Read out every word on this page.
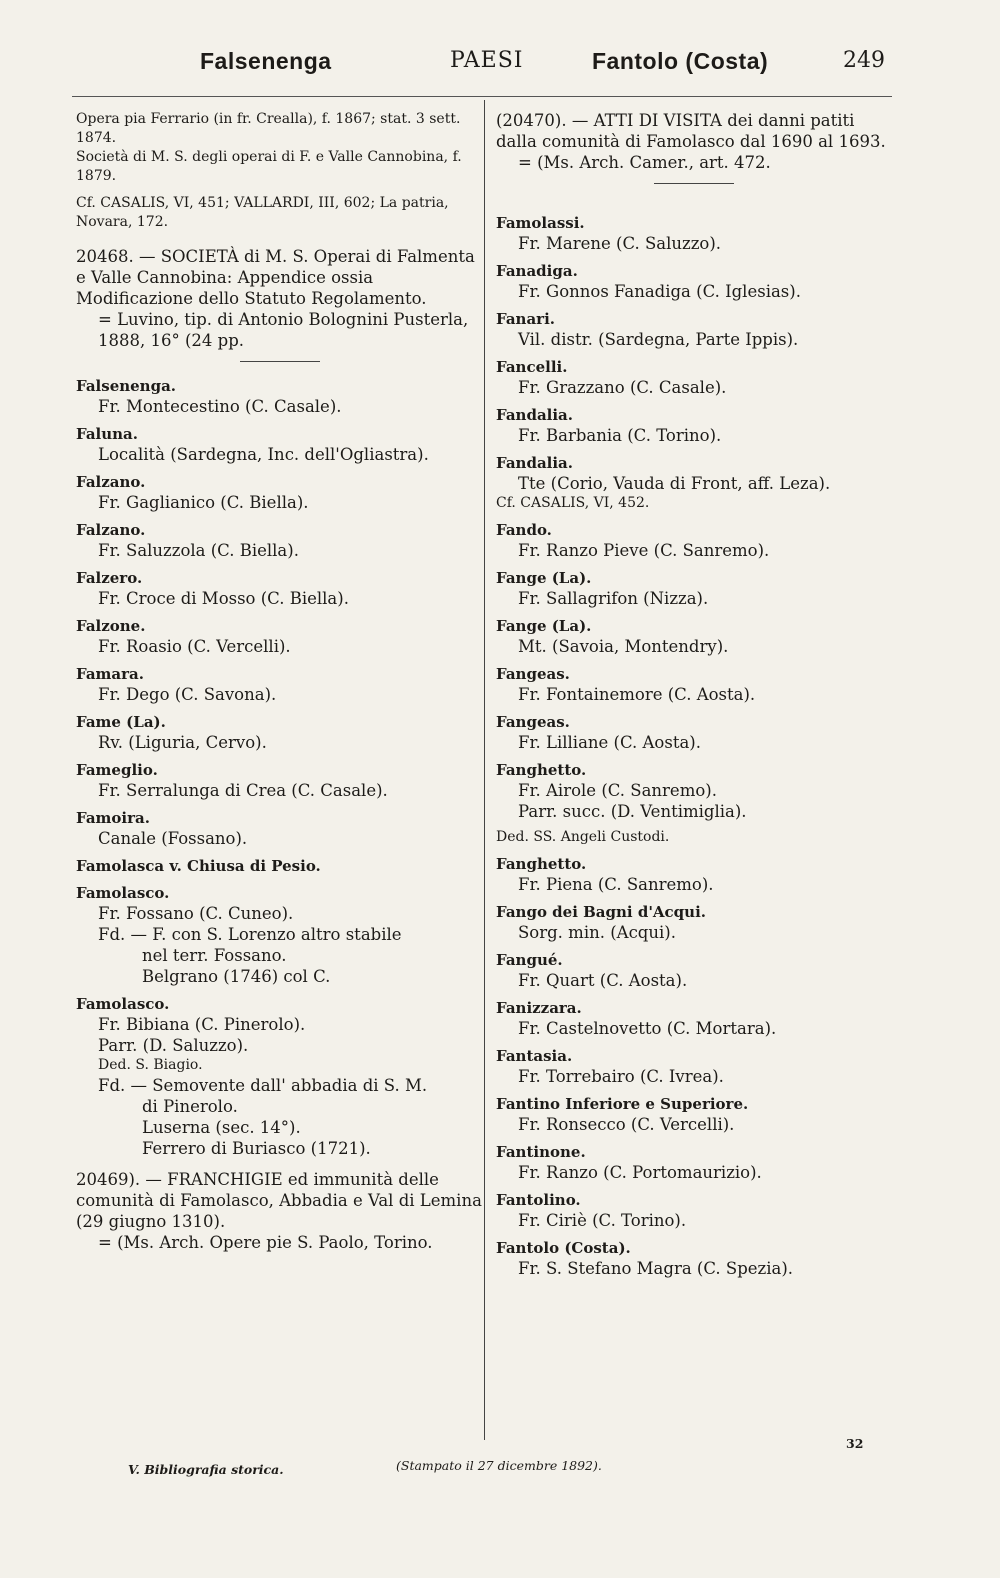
Falsenenga	PAESI	Fantolo (Costa)	249

Opera pia Ferrario (in fr. Crealla), f. 1867; stat. 3 sett. 1874.

Società di M. S. degli operai di F. e Valle Cannobina, f. 1879.

Cf. CASALIS, VI, 451; VALLARDI, III, 602; La patria, Novara, 172.

20468. — SOCIETÀ di M. S. Operai di Falmenta e Valle Cannobina: Appendice ossia Modificazione dello Statuto Regolamento.

= Luvino, tip. di Antonio Bolognini Pusterla, 1888, 16° (24 pp.

Falsenenga.

Fr. Montecestino (C. Casale).

Faluna.

Località (Sardegna, Inc. dell'Ogliastra).

Falzano.

Fr. Gaglianico (C. Biella).

Falzano.

Fr. Saluzzola (C. Biella).

Falzero.

Fr. Croce di Mosso (C. Biella).

Falzone.

Fr. Roasio (C. Vercelli).

Famara.

Fr. Dego (C. Savona).

Fame (La).

Rv. (Liguria, Cervo).

Fameglio.

Fr. Serralunga di Crea (C. Casale).

Famoira.

Canale (Fossano).

Famolasca v. Chiusa di Pesio.

Famolasco.

Fr. Fossano (C. Cuneo).

Fd. — F. con S. Lorenzo altro stabile

nel terr. Fossano.

Belgrano (1746) col C.

Famolasco.

Fr. Bibiana (C. Pinerolo).

Parr. (D. Saluzzo).

Ded. S. Biagio.

Fd. — Semovente dall' abbadia di S. M.

di Pinerolo.

Luserna (sec. 14°).

Ferrero di Buriasco (1721).

20469). — FRANCHIGIE ed immunità delle comunità di Famolasco, Abbadia e Val di Lemina (29 giugno 1310).

= (Ms. Arch. Opere pie S. Paolo, Torino.

(20470). — ATTI DI VISITA dei danni patiti dalla comunità di Famolasco dal 1690 al 1693.

= (Ms. Arch. Camer., art. 472.

Famolassi.

Fr. Marene (C. Saluzzo).

Fanadiga.

Fr. Gonnos Fanadiga (C. Iglesias).

Fanari.

Vil. distr. (Sardegna, Parte Ippis).

Fancelli.

Fr. Grazzano (C. Casale).

Fandalia.

Fr. Barbania (C. Torino).

Fandalia.

Tte (Corio, Vauda di Front, aff. Leza).

Cf. CASALIS, VI, 452.

Fando.

Fr. Ranzo Pieve (C. Sanremo).

Fange (La).

Fr. Sallagrifon (Nizza).

Fange (La).

Mt. (Savoia, Montendry).

Fangeas.

Fr. Fontainemore (C. Aosta).

Fangeas.

Fr. Lilliane (C. Aosta).

Fanghetto.

Fr. Airole (C. Sanremo).

Parr. succ. (D. Ventimiglia).

Ded. SS. Angeli Custodi.

Fanghetto.

Fr. Piena (C. Sanremo).

Fango dei Bagni d'Acqui.

Sorg. min. (Acqui).

Fangué.

Fr. Quart (C. Aosta).

Fanizzara.

Fr. Castelnovetto (C. Mortara).

Fantasia.

Fr. Torrebairo (C. Ivrea).

Fantino Inferiore e Superiore.

Fr. Ronsecco (C. Vercelli).

Fantinone.

Fr. Ranzo (C. Portomaurizio).

Fantolino.

Fr. Ciriè (C. Torino).

Fantolo (Costa).

Fr. S. Stefano Magra (C. Spezia).

32
V. Bibliografia storica.	(Stampato il 27 dicembre 1892).
